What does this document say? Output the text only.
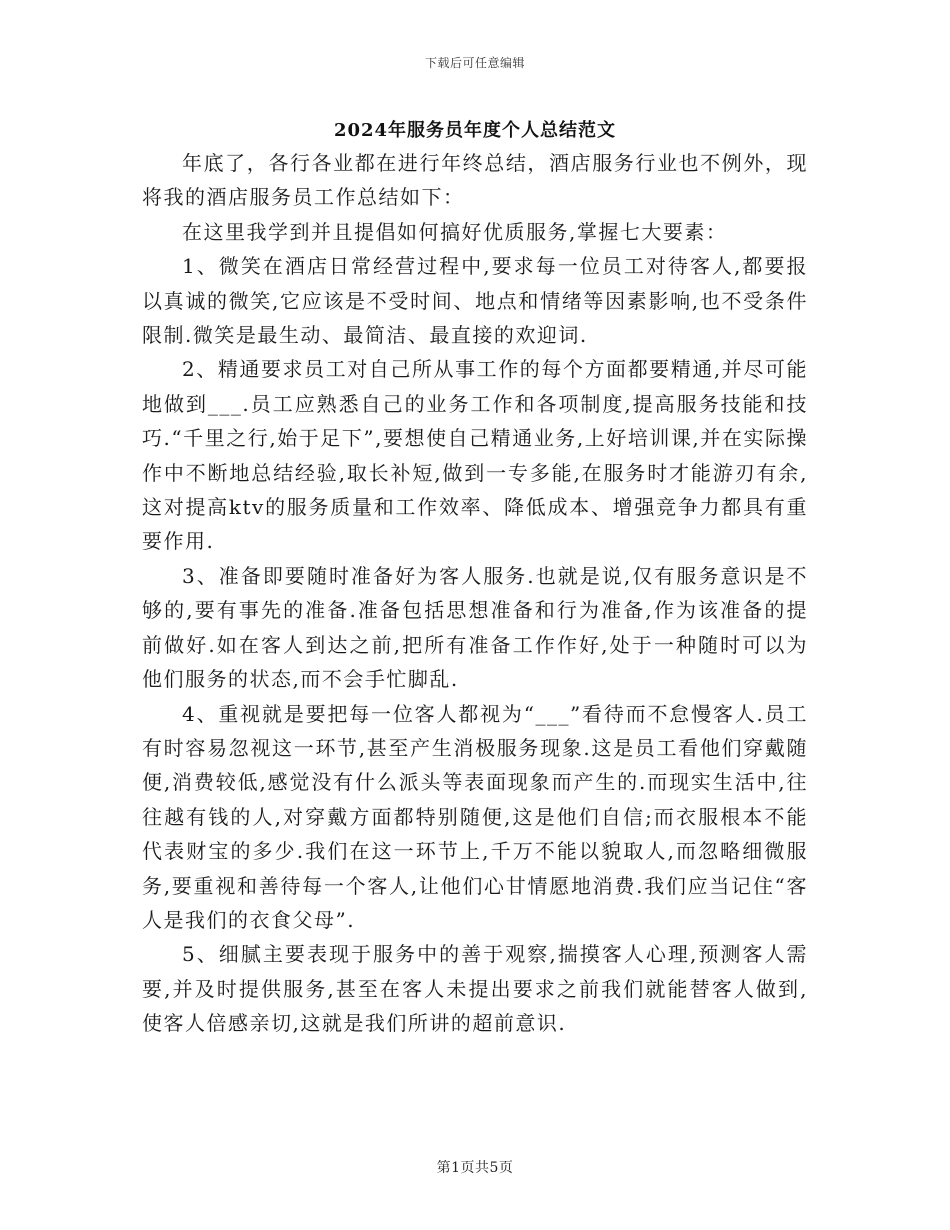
下载后可任意编辑
2024年服务员年度个人总结范文

年底了，各行各业都在进行年终总结，酒店服务行业也不例外，现将我的酒店服务员工作总结如下：

在这里我学到并且提倡如何搞好优质服务,掌握七大要素：

1、微笑在酒店日常经营过程中,要求每一位员工对待客人,都要报以真诚的微笑,它应该是不受时间、地点和情绪等因素影响,也不受条件限制.微笑是最生动、最简洁、最直接的欢迎词.

2、精通要求员工对自己所从事工作的每个方面都要精通,并尽可能地做到___.员工应熟悉自己的业务工作和各项制度,提高服务技能和技巧.“千里之行,始于足下”,要想使自己精通业务,上好培训课,并在实际操作中不断地总结经验,取长补短,做到一专多能,在服务时才能游刃有余,这对提高ktv的服务质量和工作效率、降低成本、增强竞争力都具有重要作用.

3、准备即要随时准备好为客人服务.也就是说,仅有服务意识是不够的,要有事先的准备.准备包括思想准备和行为准备,作为该准备的提前做好.如在客人到达之前,把所有准备工作作好,处于一种随时可以为他们服务的状态,而不会手忙脚乱.

4、重视就是要把每一位客人都视为“___”看待而不怠慢客人.员工有时容易忽视这一环节,甚至产生消极服务现象.这是员工看他们穿戴随便,消费较低,感觉没有什么派头等表面现象而产生的.而现实生活中,往往越有钱的人,对穿戴方面都特别随便,这是他们自信;而衣服根本不能代表财宝的多少.我们在这一环节上,千万不能以貌取人,而忽略细微服务,要重视和善待每一个客人,让他们心甘情愿地消费.我们应当记住“客人是我们的衣食父母”.

5、细腻主要表现于服务中的善于观察,揣摸客人心理,预测客人需要,并及时提供服务,甚至在客人未提出要求之前我们就能替客人做到,使客人倍感亲切,这就是我们所讲的超前意识.

第1页共5页
